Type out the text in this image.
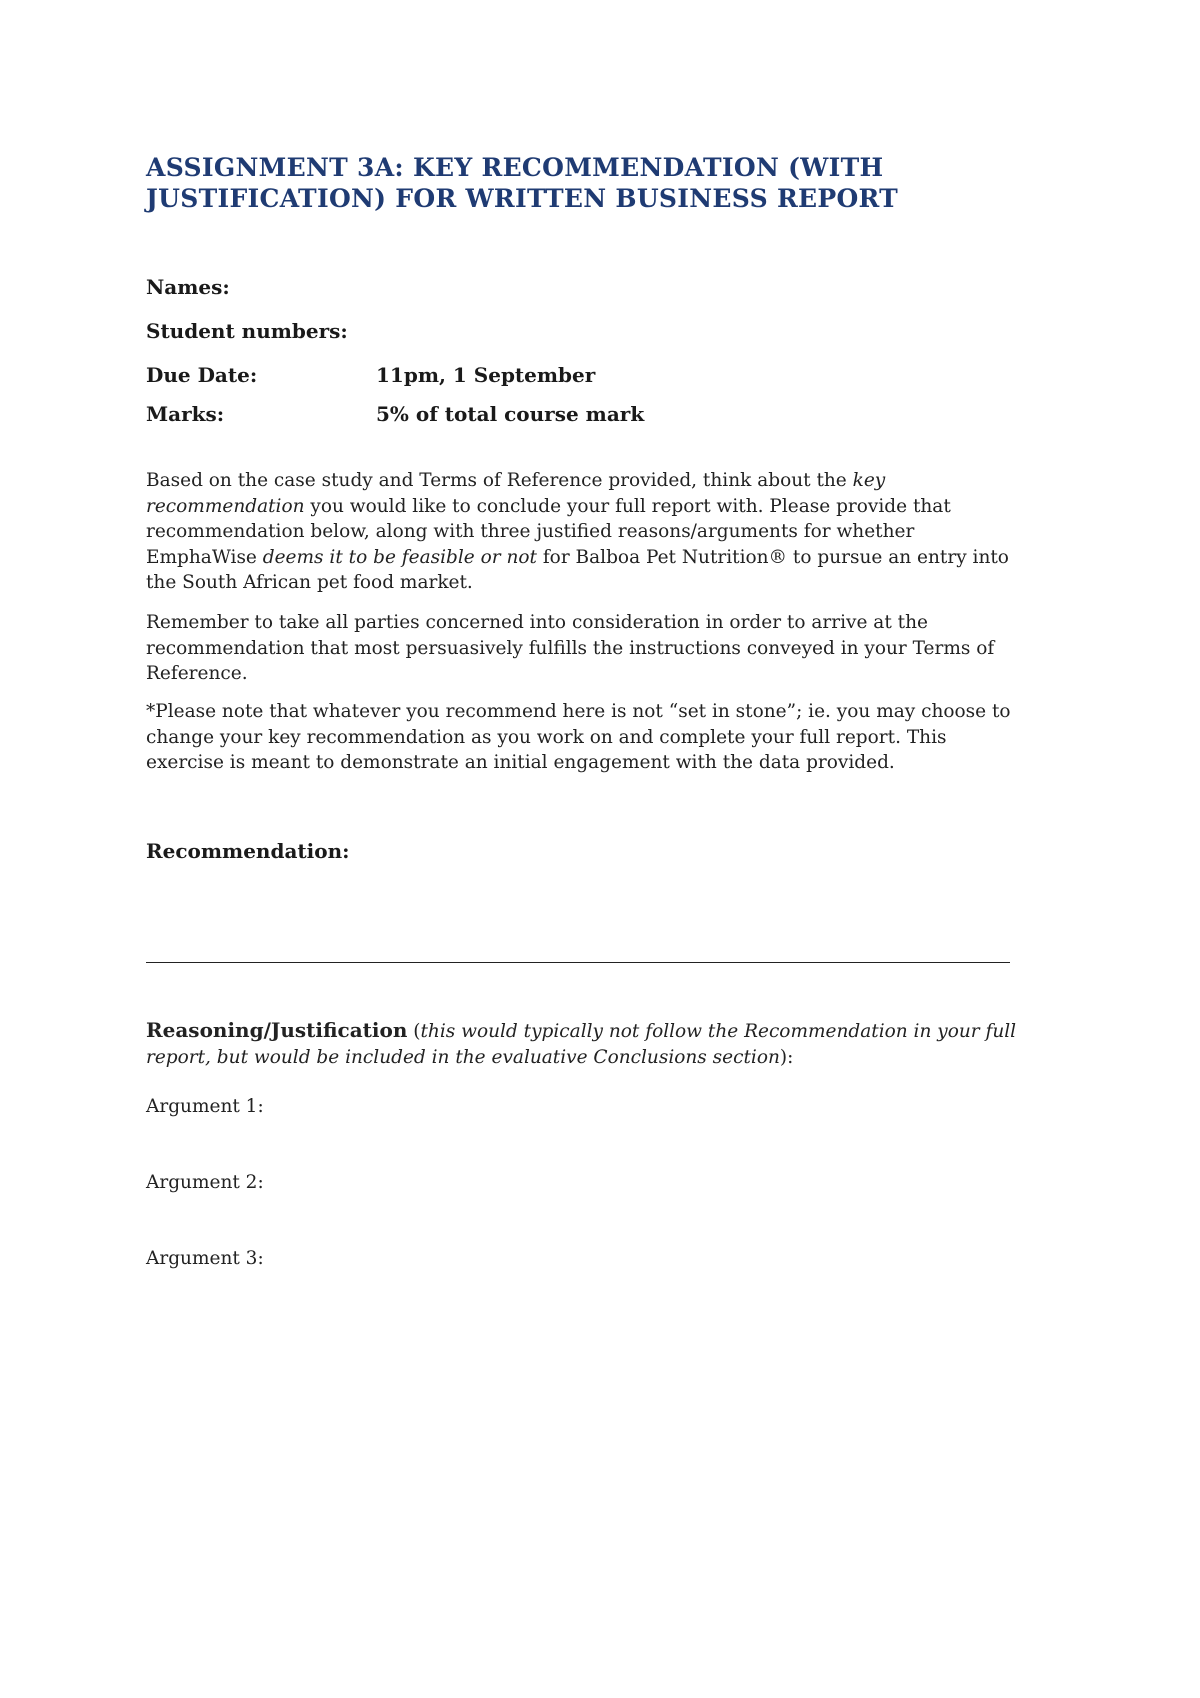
ASSIGNMENT 3A: KEY RECOMMENDATION (WITH JUSTIFICATION) FOR WRITTEN BUSINESS REPORT
Names:
Student numbers:
Due Date:	11pm, 1 September
Marks:	5% of total course mark

Based on the case study and Terms of Reference provided, think about the key recommendation you would like to conclude your full report with. Please provide that recommendation below, along with three justified reasons/arguments for whether EmphaWise deems it to be feasible or not for Balboa Pet Nutrition® to pursue an entry into the South African pet food market.

Remember to take all parties concerned into consideration in order to arrive at the recommendation that most persuasively fulfills the instructions conveyed in your Terms of Reference.

*Please note that whatever you recommend here is not “set in stone”; ie. you may choose to change your key recommendation as you work on and complete your full report. This exercise is meant to demonstrate an initial engagement with the data provided.

Recommendation:

Reasoning/Justification (this would typically not follow the Recommendation in your full report, but would be included in the evaluative Conclusions section):

Argument 1:
Argument 2:
Argument 3:
